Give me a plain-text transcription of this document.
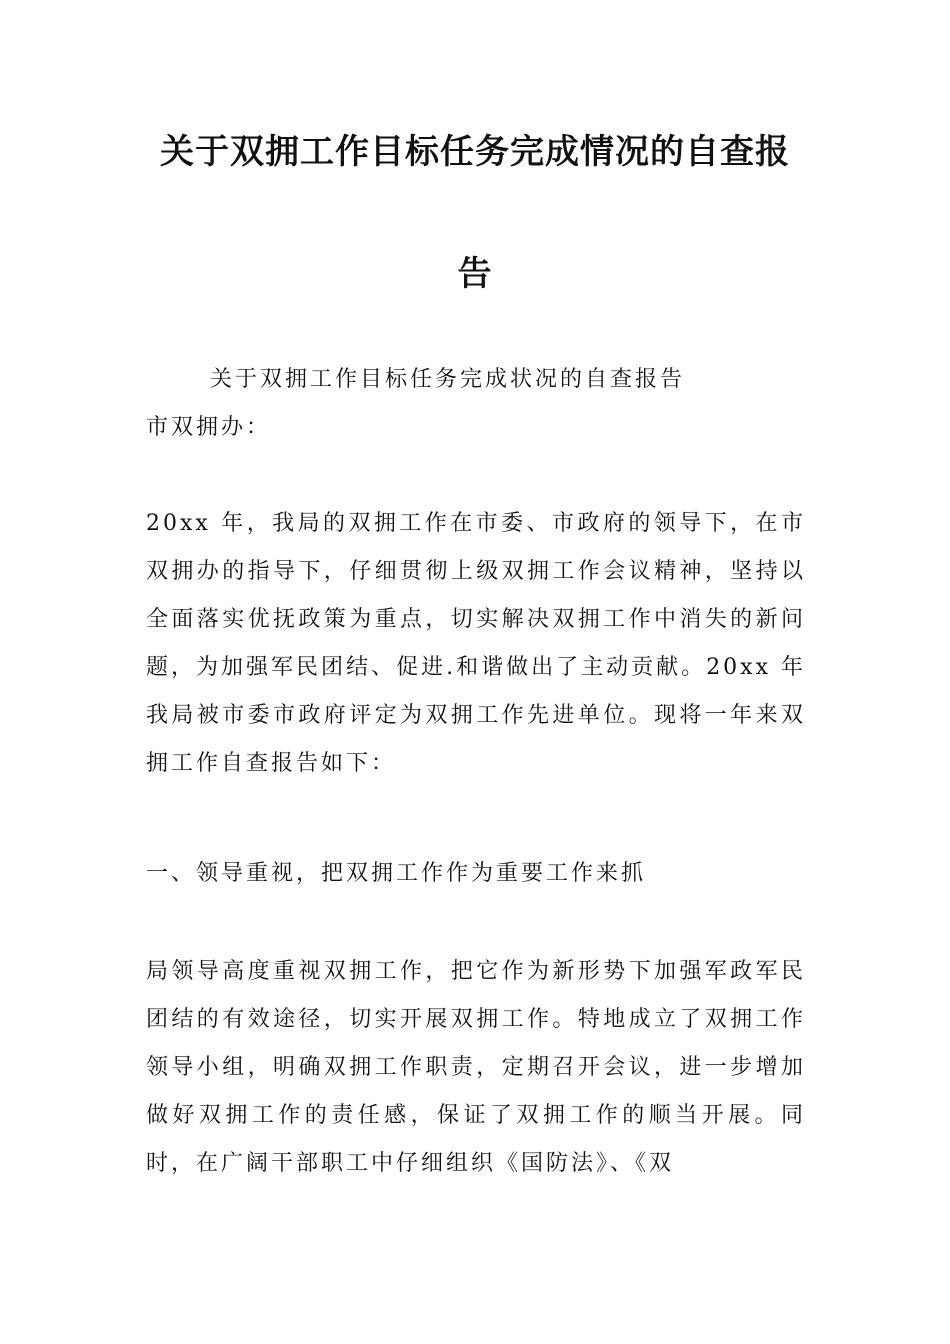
关于双拥工作目标任务完成情况的自查报
告

关于双拥工作目标任务完成状况的自查报告

市双拥办：

20xx 年，我局的双拥工作在市委、市政府的领导下，在市双拥办的指导下，仔细贯彻上级双拥工作会议精神，坚持以全面落实优抚政策为重点，切实解决双拥工作中消失的新问题，为加强军民团结、促进.和谐做出了主动贡献。20xx 年我局被市委市政府评定为双拥工作先进单位。现将一年来双拥工作自查报告如下：

一、领导重视，把双拥工作作为重要工作来抓

局领导高度重视双拥工作，把它作为新形势下加强军政军民团结的有效途径，切实开展双拥工作。特地成立了双拥工作领导小组，明确双拥工作职责，定期召开会议，进一步增加做好双拥工作的责任感，保证了双拥工作的顺当开展。同时，在广阔干部职工中仔细组织《国防法》、《双
